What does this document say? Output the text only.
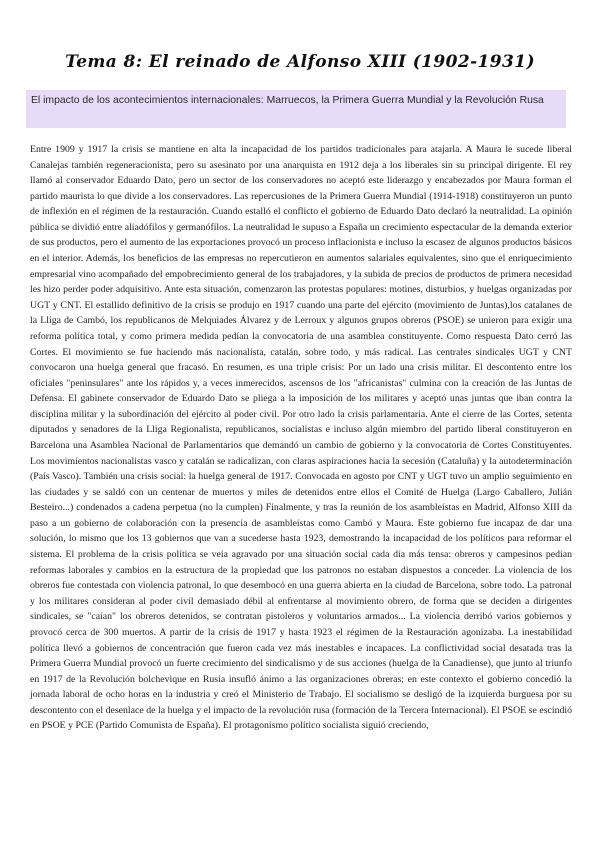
Tema 8: El reinado de Alfonso XIII (1902-1931)
El impacto de los acontecimientos internacionales: Marruecos, la Primera Guerra Mundial y la Revolución Rusa

Entre 1909 y 1917 la crisis se mantiene en alta la incapacidad de los partidos tradicionales para atajarla. A Maura le sucede liberal Canalejas también regeneracionista, pero su asesinato por una anarquista en 1912 deja a los liberales sin su principal dirigente. El rey llamó al conservador Eduardo Dato, pero un sector de los conservadores no aceptó este liderazgo y encabezados por Maura forman el partido maurista lo que divide a los conservadores. Las repercusiones de la Primera Guerra Mundial (1914-1918) constituyeron un punto de inflexión en el régimen de la restauración. Cuando estalló el conflicto el gobierno de Eduardo Dato declaró la neutralidad. La opinión pública se dividió entre aliadófilos y germanófilos. La neutralidad le supuso a España un crecimiento espectacular de la demanda exterior de sus productos, pero el aumento de las exportaciones provocó un proceso inflacionista e incluso la escasez de algunos productos básicos en el interior. Además, los beneficios de las empresas no repercutieron en aumentos salariales equivalentes, sino que el enriquecimiento empresarial vino acompañado del empobrecimiento general de los trabajadores, y la subida de precios de productos de primera necesidad les hizo perder poder adquisitivo. Ante esta situación, comenzaron las protestas populares: motines, disturbios, y huelgas organizadas por UGT y CNT. El estallido definitivo de la crisis se produjo en 1917 cuando una parte del ejército (movimiento de Juntas),los catalanes de la Lliga de Cambó, los republicanos de Melquiades Álvarez y de Lerroux y algunos grupos obreros (PSOE) se unieron para exigir una reforma política total, y como primera medida pedían la convocatoria de una asamblea constituyente. Como respuesta Dato cerró las Cortes. El movimiento se fue haciendo más nacionalista, catalán, sobre todo, y más radical. Las centrales sindicales UGT y CNT convocaron una huelga general que fracasó. En resumen, es una triple crisis: Por un lado una crisis militar. El descontento entre los oficiales "peninsulares" ante los rápidos y, a veces inmerecidos, ascensos de los "africanistas" culmina con la creación de las Juntas de Defensa. El gabinete conservador de Eduardo Dato se pliega a la imposición de los militares y aceptó unas juntas que iban contra la disciplina militar y la subordinación del ejército al poder civil. Por otro lado la crisis parlamentaria. Ante el cierre de las Cortes, setenta diputados y senadores de la Lliga Regionalista, republicanos, socialistas e incluso algún miembro del partido liberal constituyeron en Barcelona una Asamblea Nacional de Parlamentarios que demandó un cambio de gobierno y la convocatoria de Cortes Constituyentes. Los movimientos nacionalistas vasco y catalán se radicalizan, con claras aspiraciones hacia la secesión (Cataluña) y la autodeterminación (País Vasco). También una crisis social: la huelga general de 1917. Convocada en agosto por CNT y UGT tuvo un amplio seguimiento en las ciudades y se saldó con un centenar de muertos y miles de detenidos entre ellos el Comité de Huelga (Largo Caballero, Julián Besteiro...) condenados a cadena perpetua (no la cumplen) Finalmente, y tras la reunión de los asambleístas en Madrid, Alfonso XIII da paso a un gobierno de colaboración con la presencia de asambleístas como Cambó y Maura. Este gobierno fue incapaz de dar una solución, lo mismo que los 13 gobiernos que van a sucederse hasta 1923, demostrando la incapacidad de los políticos para reformar el sistema. El problema de la crisis política se veía agravado por una situación social cada día más tensa: obreros y campesinos pedían reformas laborales y cambios en la estructura de la propiedad que los patronos no estaban dispuestos a conceder. La violencia de los obreros fue contestada con violencia patronal, lo que desembocó en una guerra abierta en la ciudad de Barcelona, sobre todo. La patronal y los militares consideran al poder civil demasiado débil al enfrentarse al movimiento obrero, de forma que se deciden a dirigentes sindicales, se "caían" los obreros detenidos, se contratan pistoleros y voluntarios armados... La violencia derribó varios gobiernos y provocó cerca de 300 muertos. A partir de la crisis de 1917 y hasta 1923 el régimen de la Restauración agonizaba. La inestabilidad política llevó a gobiernos de concentración que fueron cada vez más inestables e incapaces. La conflictividad social desatada tras la Primera Guerra Mundial provocó un fuerte crecimiento del sindicalismo y de sus acciones (huelga de la Canadiense), que junto al triunfo en 1917 de la Revolución bolchevique en Rusia insufló ánimo a las organizaciones obreras; en este contexto el gobierno concedió la jornada laboral de ocho horas en la industria y creó el Ministerio de Trabajo. El socialismo se desligó de la izquierda burguesa por su descontento con el desenlace de la huelga y el impacto de la revolución rusa (formación de la Tercera Internacional). El PSOE se escindió en PSOE y PCE (Partido Comunista de España). El protagonismo político socialista siguió creciendo,
